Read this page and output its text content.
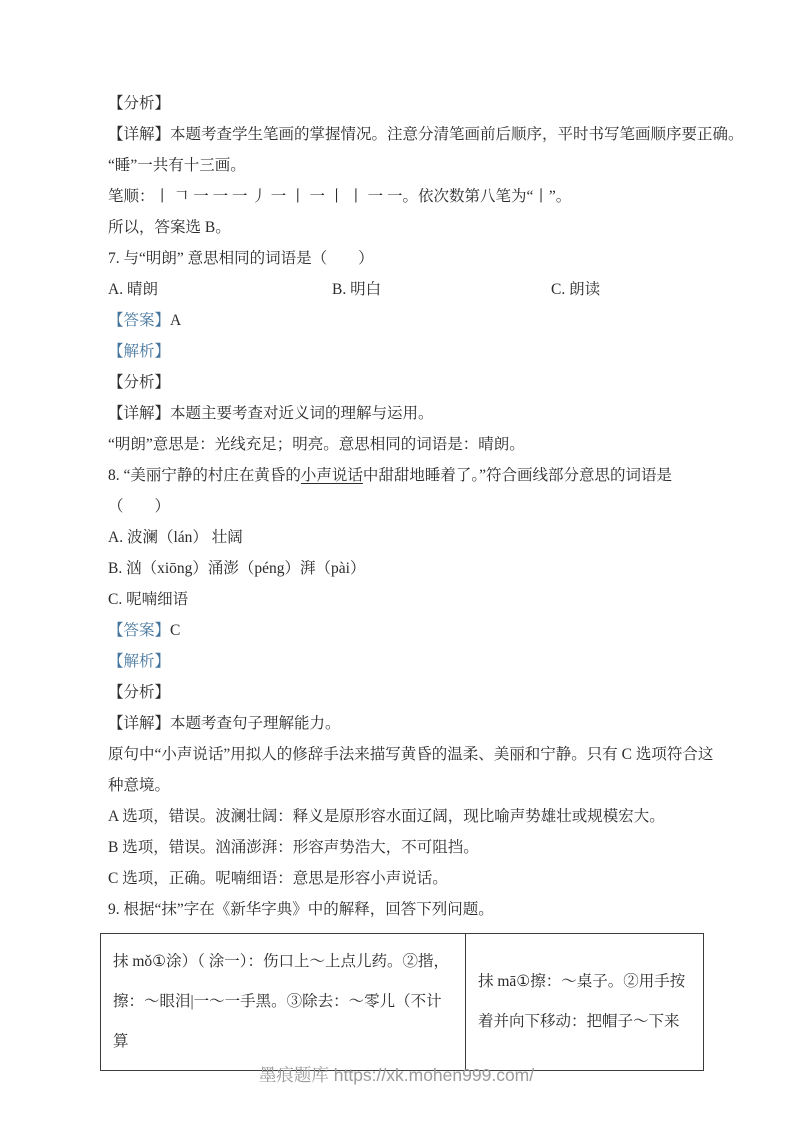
【分析】

【详解】本题考查学生笔画的掌握情况。注意分清笔画前后顺序，平时书写笔画顺序要正确。

“睡”一共有十三画。

笔顺：丨 𠃍 一 一 一 丿 一 丨 一 丨 丨 一 一。依次数第八笔为“丨”。

所以，答案选 B。

7. 与“明朗” 意思相同的词语是（　　）

A. 晴朗	B. 明白	C. 朗读

【答案】A

【解析】

【分析】

【详解】本题主要考查对近义词的理解与运用。

“明朗”意思是：光线充足；明亮。意思相同的词语是：晴朗。

8. “美丽宁静的村庄在黄昏的小声说话中甜甜地睡着了。”符合画线部分意思的词语是

（　　）

A. 波澜（lán） 壮阔

B. 汹（xiōng）涌澎（péng）湃（pài）

C. 呢喃细语

【答案】C

【解析】

【分析】

【详解】本题考查句子理解能力。

原句中“小声说话”用拟人的修辞手法来描写黄昏的温柔、美丽和宁静。只有 C 选项符合这

种意境。

A 选项，错误。波澜壮阔：释义是原形容水面辽阔，现比喻声势雄壮或规模宏大。

B 选项，错误。汹涌澎湃：形容声势浩大，不可阻挡。

C 选项，正确。呢喃细语：意思是形容小声说话。

9. 根据“抹”字在《新华字典》中的解释，回答下列问题。

抹 mǒ①涂）（ 涂一）：伤口上～上点儿药。②揩，擦：～眼泪|一～一手黑。③除去：～零儿（不计算	抹 mā①擦：～桌子。②用手按着并向下移动：把帽子～下来
墨痕题库 https://xk.mohen999.com/
